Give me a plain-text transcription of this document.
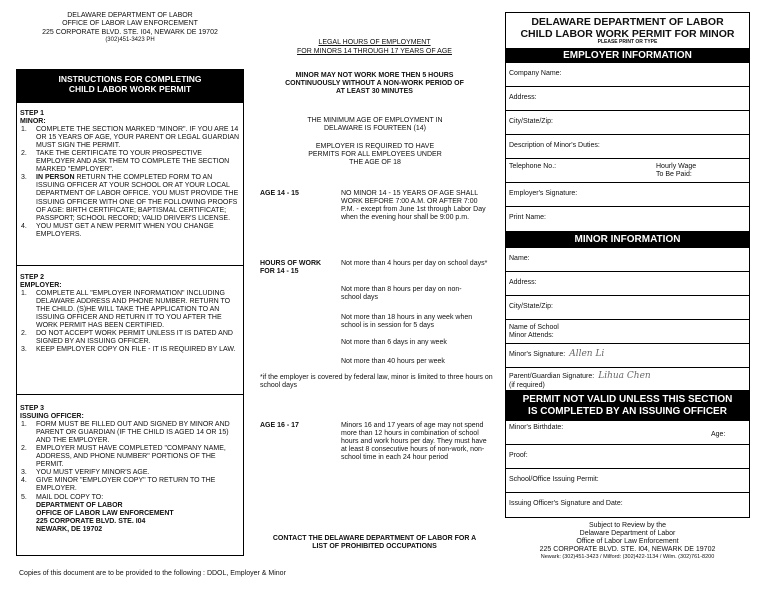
DELAWARE DEPARTMENT OF LABOR
OFFICE OF LABOR LAW ENFORCEMENT
225 CORPORATE BLVD. STE. I04, NEWARK DE 19702
(302)451-3423 PH
INSTRUCTIONS FOR COMPLETING
CHILD LABOR WORK PERMIT
STEP 1
MINOR:
1. COMPLETE THE SECTION MARKED "MINOR". IF YOU ARE 14 OR 15 YEARS OF AGE, YOUR PARENT OR LEGAL GUARDIAN MUST SIGN THE PERMIT.
2. TAKE THE CERTIFICATE TO YOUR PROSPECTIVE EMPLOYER AND ASK THEM TO COMPLETE THE SECTION MARKED "EMPLOYER".
3. IN PERSON RETURN THE COMPLETED FORM TO AN ISSUING OFFICER AT YOUR SCHOOL OR AT YOUR LOCAL DEPARTMENT OF LABOR OFFICE. YOU MUST PROVIDE THE ISSUING OFFICER WITH ONE OF THE FOLLOWING PROOFS OF AGE: BIRTH CERTIFICATE; BAPTISMAL CERTIFICATE; PASSPORT; SCHOOL RECORD; VALID DRIVER'S LICENSE.
4. YOU MUST GET A NEW PERMIT WHEN YOU CHANGE EMPLOYERS.
STEP 2
EMPLOYER:
1. COMPLETE ALL "EMPLOYER INFORMATION" INCLUDING DELAWARE ADDRESS AND PHONE NUMBER. RETURN TO THE CHILD. (S)HE WILL TAKE THE APPLICATION TO AN ISSUING OFFICER AND RETURN IT TO YOU AFTER THE WORK PERMIT HAS BEEN CERTIFIED.
2. DO NOT ACCEPT WORK PERMIT UNLESS IT IS DATED AND SIGNED BY AN ISSUING OFFICER.
3. KEEP EMPLOYER COPY ON FILE - IT IS REQUIRED BY LAW.
STEP 3
ISSUING OFFICER:
1. FORM MUST BE FILLED OUT AND SIGNED BY MINOR AND PARENT OR GUARDIAN (IF THE CHILD IS AGED 14 OR 15) AND THE EMPLOYER.
2. EMPLOYER MUST HAVE COMPLETED "COMPANY NAME, ADDRESS, AND PHONE NUMBER" PORTIONS OF THE PERMIT.
3. YOU MUST VERIFY MINOR'S AGE.
4. GIVE MINOR "EMPLOYER COPY" TO RETURN TO THE EMPLOYER.
5. MAIL DOL COPY TO:
DEPARTMENT OF LABOR
OFFICE OF LABOR LAW ENFORCEMENT
225 CORPORATE BLVD. STE. I04
NEWARK, DE 19702
Copies of this document are to be provided to the following : DDOL, Employer & Minor
LEGAL HOURS OF EMPLOYMENT
FOR MINORS 14 THROUGH 17 YEARS OF AGE
MINOR MAY NOT WORK MORE THEN 5 HOURS CONTINUOUSLY WITHOUT A NON-WORK PERIOD OF AT LEAST 30 MINUTES
THE MINIMUM AGE OF EMPLOYMENT IN DELAWARE IS FOURTEEN (14)
EMPLOYER IS REQUIRED TO HAVE PERMITS FOR ALL EMPLOYEES UNDER THE AGE OF 18
AGE 14 - 15	NO MINOR 14 - 15 YEARS OF AGE SHALL WORK BEFORE 7:00 A.M. OR AFTER 7:00 P.M. - except from June 1st through Labor Day when the evening hour shall be 9:00 p.m.
HOURS OF WORK FOR 14 - 15
Not more than 4 hours per day on school days*
Not more than 8 hours per day on non-school days
Not more than 18 hours in any week when school is in session for 5 days
Not more than 6 days in any week
Not more than 40 hours per week
*if the employer is covered by federal law, minor is limited to three hours on school days
AGE 16 - 17	Minors 16 and 17 years of age may not spend more than 12 hours in combination of school hours and work hours per day. They must have at least 8 consecutive hours of non-work, non-school time in each 24 hour period
CONTACT THE DELAWARE DEPARTMENT OF LABOR FOR A LIST OF PROHIBITED OCCUPATIONS
DELAWARE DEPARTMENT OF LABOR
CHILD LABOR WORK PERMIT FOR MINOR
PLEASE PRINT OR TYPE
EMPLOYER INFORMATION
Company Name:
Address:
City/State/Zip:
Description of Minor's Duties:
Telephone No.:	Hourly Wage
To Be Paid:
Employer's Signature:
Print Name:
MINOR INFORMATION
Name:
Address:
City/State/Zip:
Name of School
Minor Attends:
Minor's Signature: Allen Li
Parent/Guardian Signature: Lihua Chen
(if required)
PERMIT NOT VALID UNLESS THIS SECTION
IS COMPLETED BY AN ISSUING OFFICER
Minor's Birthdate:
Age:
Proof:
School/Office Issuing Permit:
Issuing Officer's Signature and Date:
Subject to Review by the
Delaware Department of Labor
Office of Labor Law Enforcement
225 CORPORATE BLVD. STE. I04, NEWARK DE 19702
Newark: (302)451-3423 / Milford: (302)422-1134 / Wilm. (302)761-8200
